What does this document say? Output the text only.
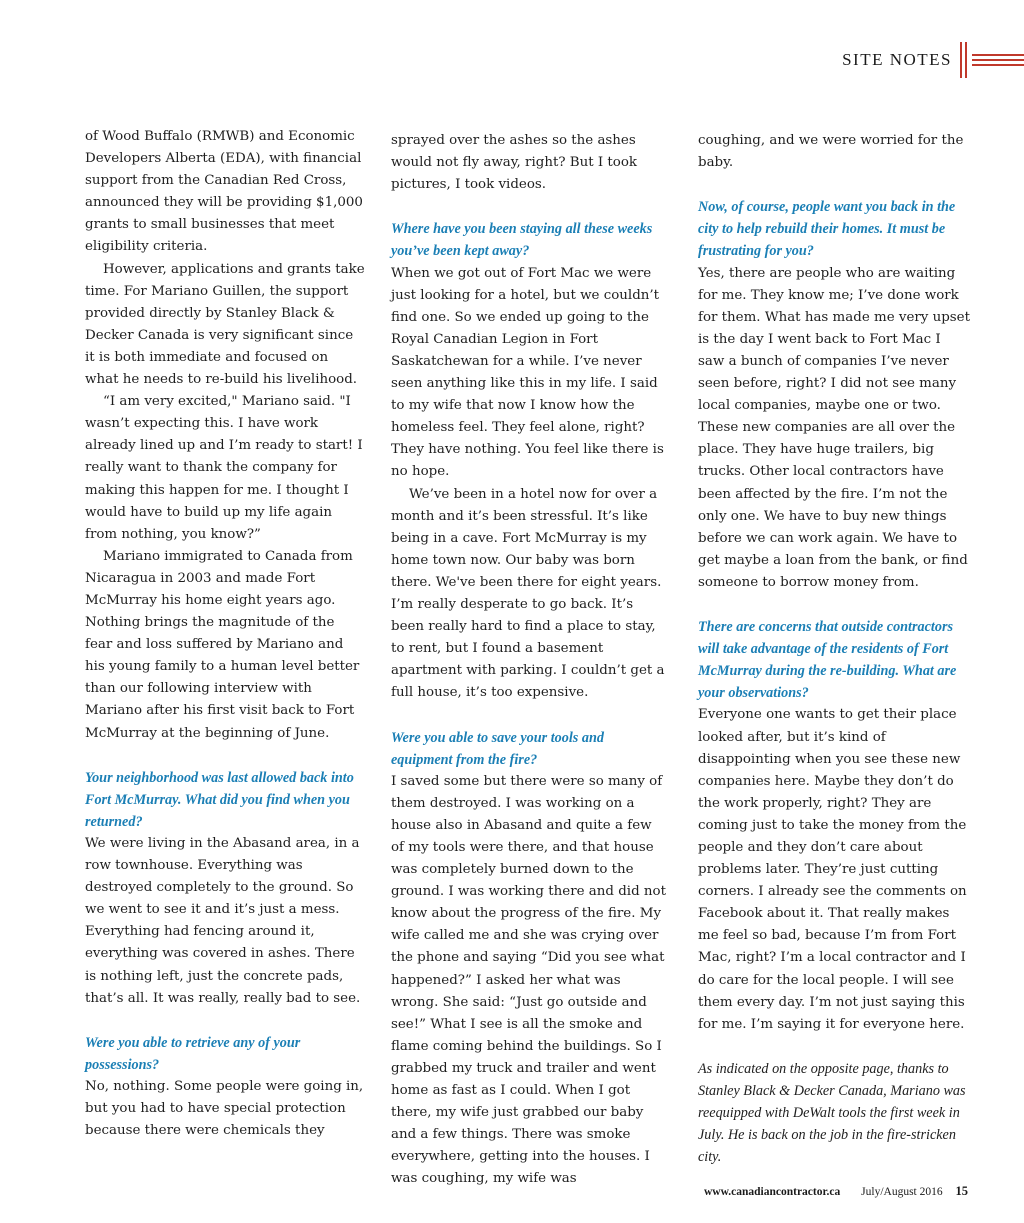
SITE NOTES

of Wood Buffalo (RMWB) and Economic Developers Alberta (EDA), with financial support from the Canadian Red Cross, announced they will be providing $1,000 grants to small businesses that meet eligibility criteria.

However, applications and grants take time. For Mariano Guillen, the support provided directly by Stanley Black & Decker Canada is very significant since it is both immediate and focused on what he needs to re-build his livelihood.

“I am very excited," Mariano said. "I wasn’t expecting this. I have work already lined up and I’m ready to start! I really want to thank the company for making this happen for me. I thought I would have to build up my life again from nothing, you know?”

Mariano immigrated to Canada from Nicaragua in 2003 and made Fort McMurray his home eight years ago. Nothing brings the magnitude of the fear and loss suffered by Mariano and his young family to a human level better than our following interview with Mariano after his first visit back to Fort McMurray at the beginning of June.

Your neighborhood was last allowed back into Fort McMurray. What did you find when you returned?

We were living in the Abasand area, in a row townhouse. Everything was destroyed completely to the ground. So we went to see it and it’s just a mess. Everything had fencing around it, everything was covered in ashes. There is nothing left, just the concrete pads, that’s all. It was really, really bad to see.

Were you able to retrieve any of your possessions?

No, nothing. Some people were going in, but you had to have special protection because there were chemicals they

sprayed over the ashes so the ashes would not fly away, right? But I took pictures, I took videos.

Where have you been staying all these weeks you’ve been kept away?

When we got out of Fort Mac we were just looking for a hotel, but we couldn’t find one. So we ended up going to the Royal Canadian Legion in Fort Saskatchewan for a while. I’ve never seen anything like this in my life. I said to my wife that now I know how the homeless feel. They feel alone, right? They have nothing. You feel like there is no hope.

We’ve been in a hotel now for over a month and it’s been stressful. It’s like being in a cave. Fort McMurray is my home town now. Our baby was born there. We've been there for eight years. I’m really desperate to go back. It’s been really hard to find a place to stay, to rent, but I found a basement apartment with parking. I couldn’t get a full house, it’s too expensive.

Were you able to save your tools and equipment from the fire?

I saved some but there were so many of them destroyed. I was working on a house also in Abasand and quite a few of my tools were there, and that house was completely burned down to the ground. I was working there and did not know about the progress of the fire. My wife called me and she was crying over the phone and saying “Did you see what happened?” I asked her what was wrong. She said: “Just go outside and see!” What I see is all the smoke and flame coming behind the buildings. So I grabbed my truck and trailer and went home as fast as I could. When I got there, my wife just grabbed our baby and a few things. There was smoke everywhere, getting into the houses. I was coughing, my wife was

coughing, and we were worried for the baby.

Now, of course, people want you back in the city to help rebuild their homes. It must be frustrating for you?

Yes, there are people who are waiting for me. They know me; I’ve done work for them. What has made me very upset is the day I went back to Fort Mac I saw a bunch of companies I’ve never seen before, right? I did not see many local companies, maybe one or two. These new companies are all over the place. They have huge trailers, big trucks. Other local contractors have been affected by the fire. I’m not the only one. We have to buy new things before we can work again. We have to get maybe a loan from the bank, or find someone to borrow money from.

There are concerns that outside contractors will take advantage of the residents of Fort McMurray during the re-building. What are your observations?

Everyone one wants to get their place looked after, but it’s kind of disappointing when you see these new companies here. Maybe they don’t do the work properly, right? They are coming just to take the money from the people and they don’t care about problems later. They’re just cutting corners. I already see the comments on Facebook about it. That really makes me feel so bad, because I’m from Fort Mac, right? I’m a local contractor and I do care for the local people. I will see them every day. I’m not just saying this for me. I’m saying it for everyone here.

As indicated on the opposite page, thanks to Stanley Black & Decker Canada, Mariano was reequipped with DeWalt tools the first week in July. He is back on the job in the fire-stricken city.

www.canadiancontractor.ca July/August 2016 15
